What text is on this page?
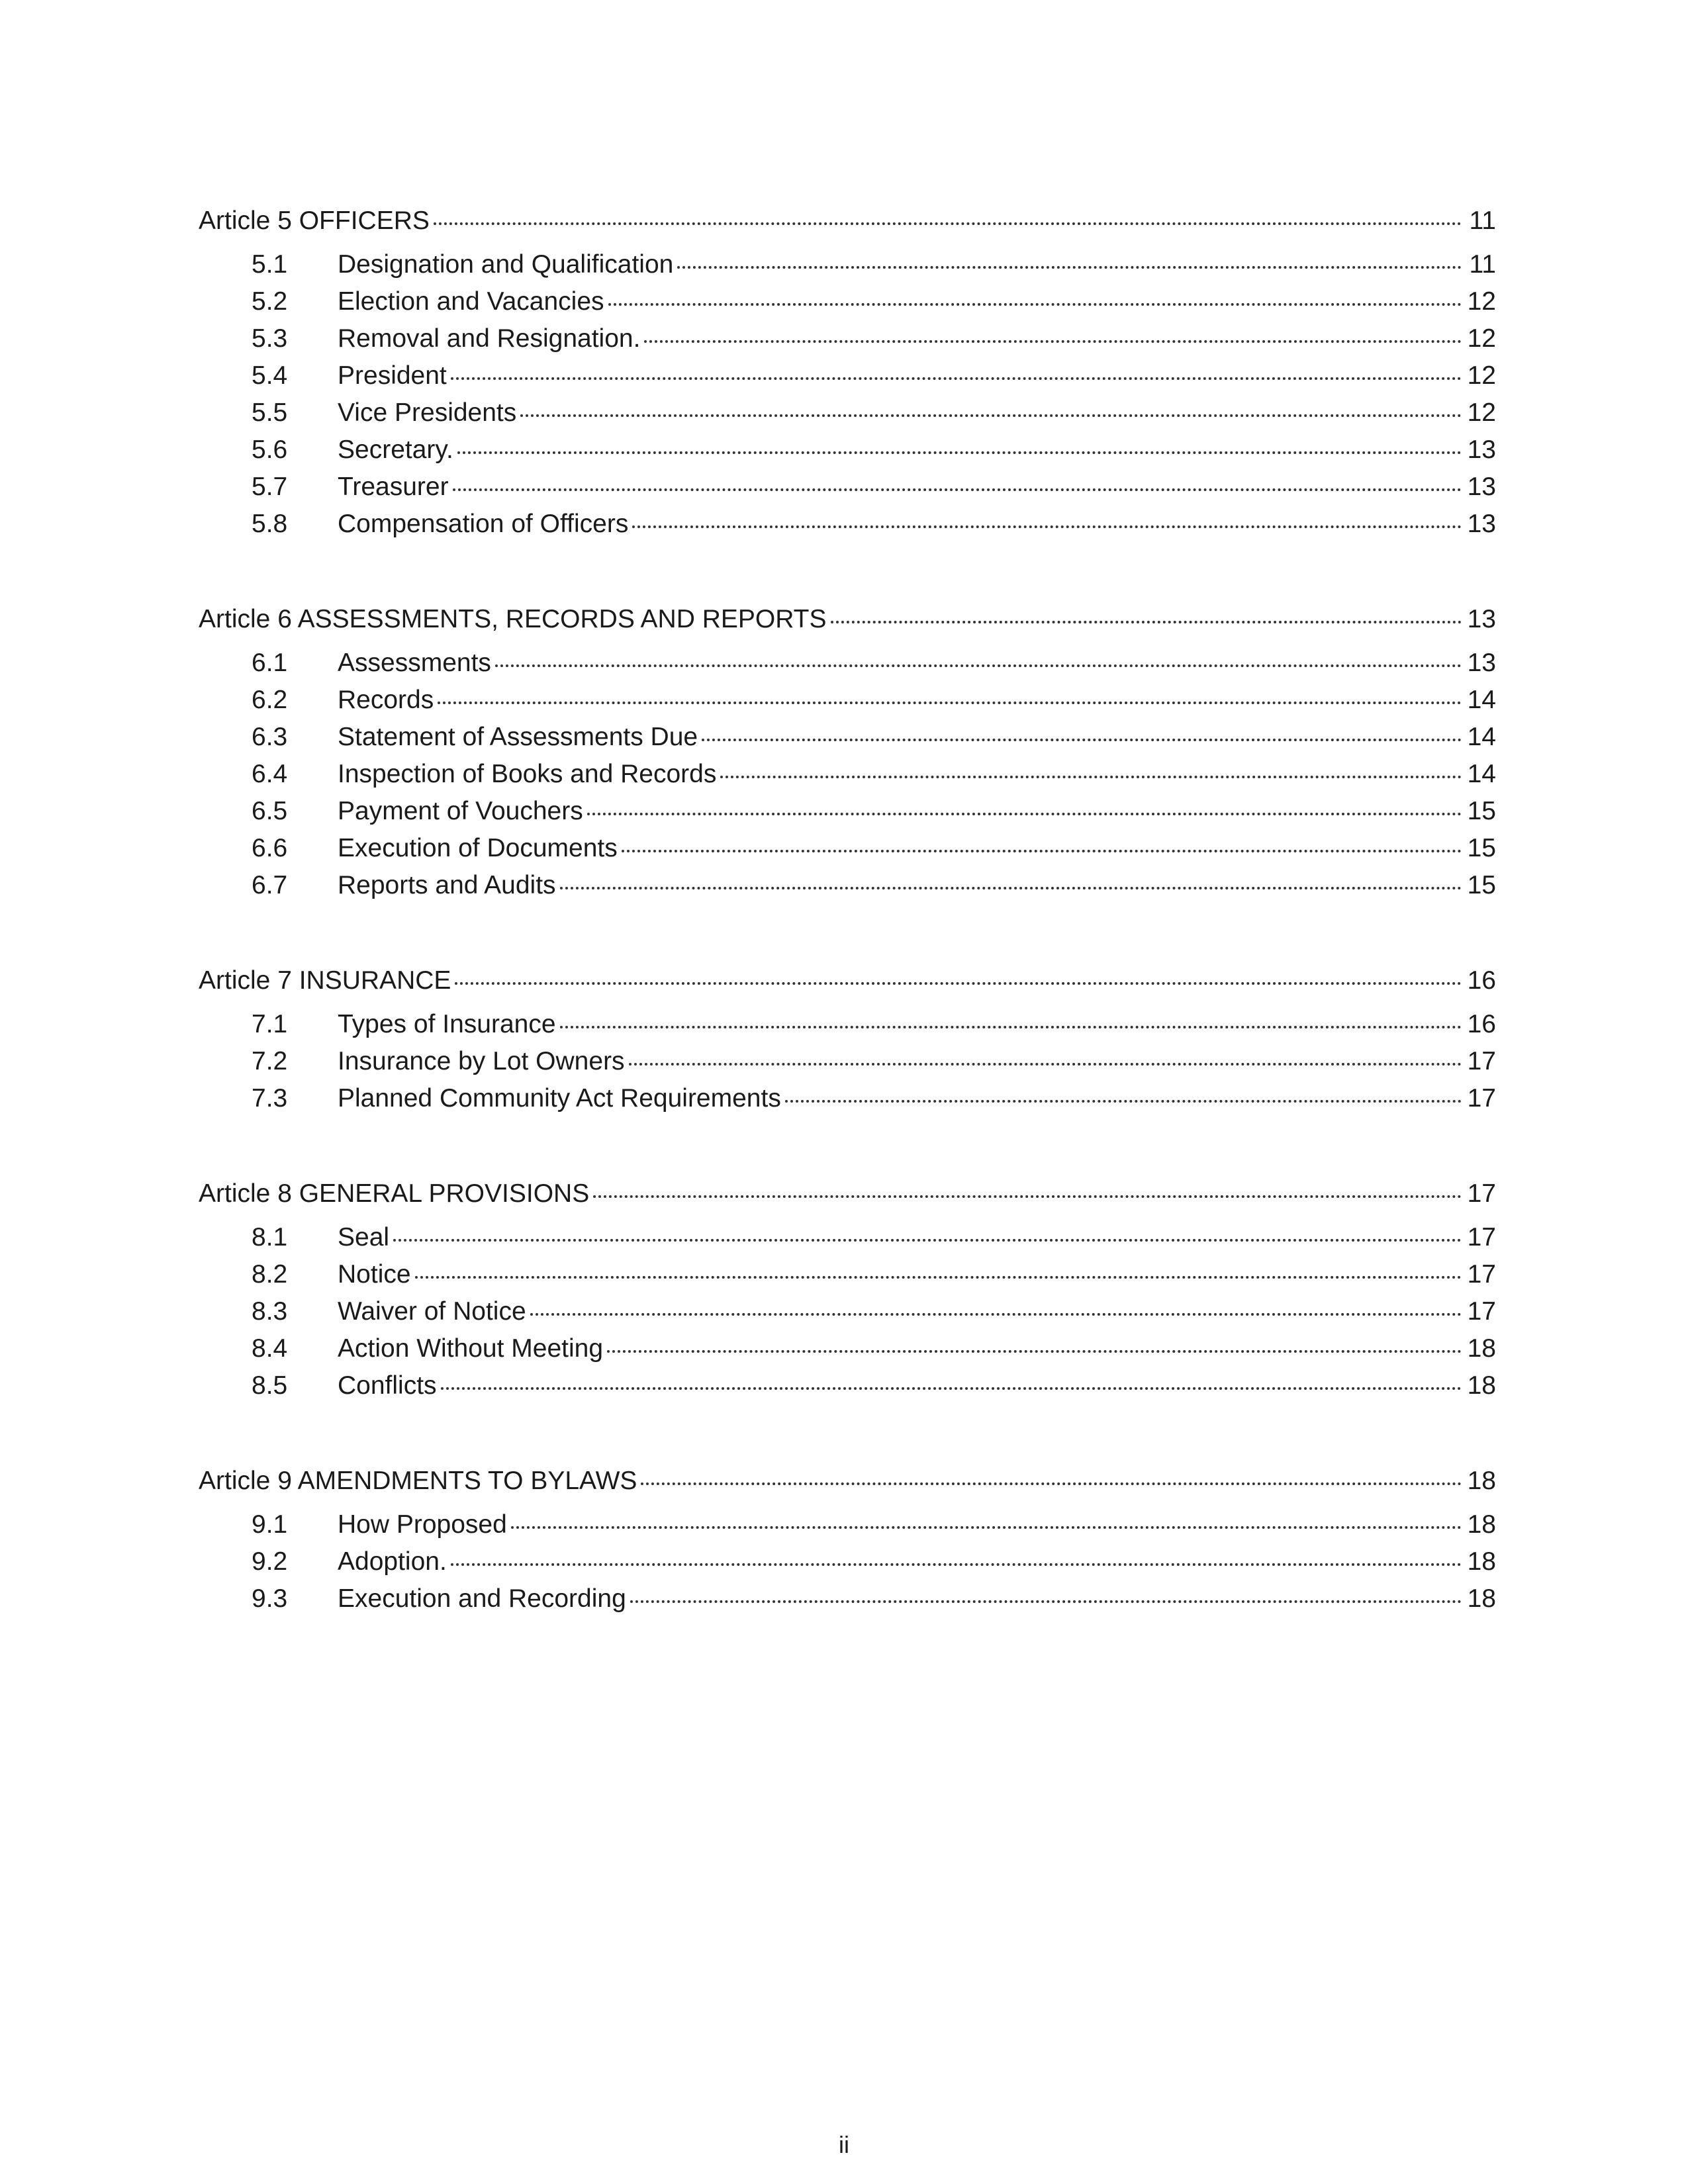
Article 5 OFFICERS	11
5.1	Designation and Qualification	11
5.2	Election and Vacancies	12
5.3	Removal and Resignation.	12
5.4	President	12
5.5	Vice Presidents	12
5.6	Secretary.	13
5.7	Treasurer	13
5.8	Compensation of Officers	13
Article 6 ASSESSMENTS, RECORDS AND REPORTS	13
6.1	Assessments	13
6.2	Records	14
6.3	Statement of Assessments Due	14
6.4	Inspection of Books and Records	14
6.5	Payment of Vouchers	15
6.6	Execution of Documents	15
6.7	Reports and Audits	15
Article 7 INSURANCE	16
7.1	Types of Insurance	16
7.2	Insurance by Lot Owners	17
7.3	Planned Community Act Requirements	17
Article 8 GENERAL PROVISIONS	17
8.1	Seal	17
8.2	Notice	17
8.3	Waiver of Notice	17
8.4	Action Without Meeting	18
8.5	Conflicts	18
Article 9 AMENDMENTS TO BYLAWS	18
9.1	How Proposed	18
9.2	Adoption.	18
9.3	Execution and Recording	18
ii
